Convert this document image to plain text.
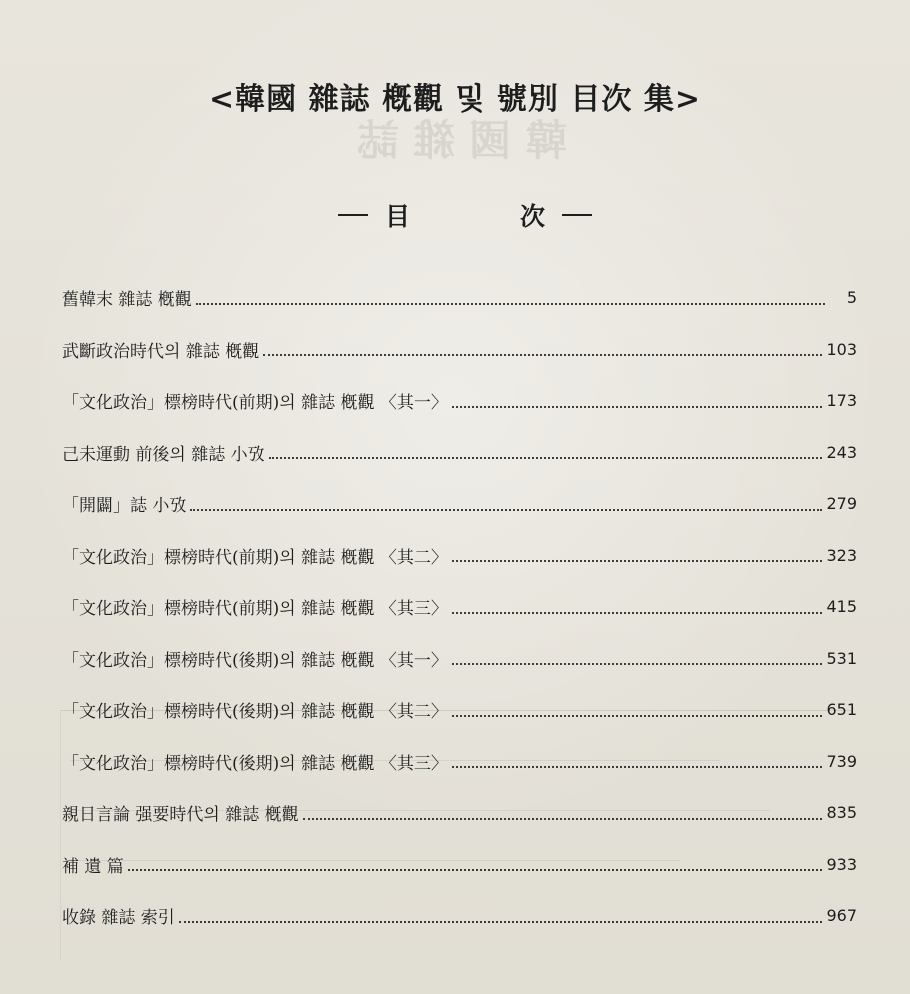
韓國雜誌
<韓國 雜誌 槪觀 및 號別 目次 集>
目	次
舊韓末 雜誌 槪觀	5
武斷政治時代의 雜誌 槪觀	103
「文化政治」標榜時代(前期)의 雜誌 槪觀 〈其一〉	173
己未運動 前後의 雜誌 小攷	243
「開闢」誌 小攷	279
「文化政治」標榜時代(前期)의 雜誌 槪觀 〈其二〉	323
「文化政治」標榜時代(前期)의 雜誌 槪觀 〈其三〉	415
「文化政治」標榜時代(後期)의 雜誌 槪觀 〈其一〉	531
「文化政治」標榜時代(後期)의 雜誌 槪觀 〈其二〉	651
「文化政治」標榜時代(後期)의 雜誌 槪觀 〈其三〉	739
親日言論 强要時代의 雜誌 槪觀	835
補 遺 篇	933
收錄 雜誌 索引	967
